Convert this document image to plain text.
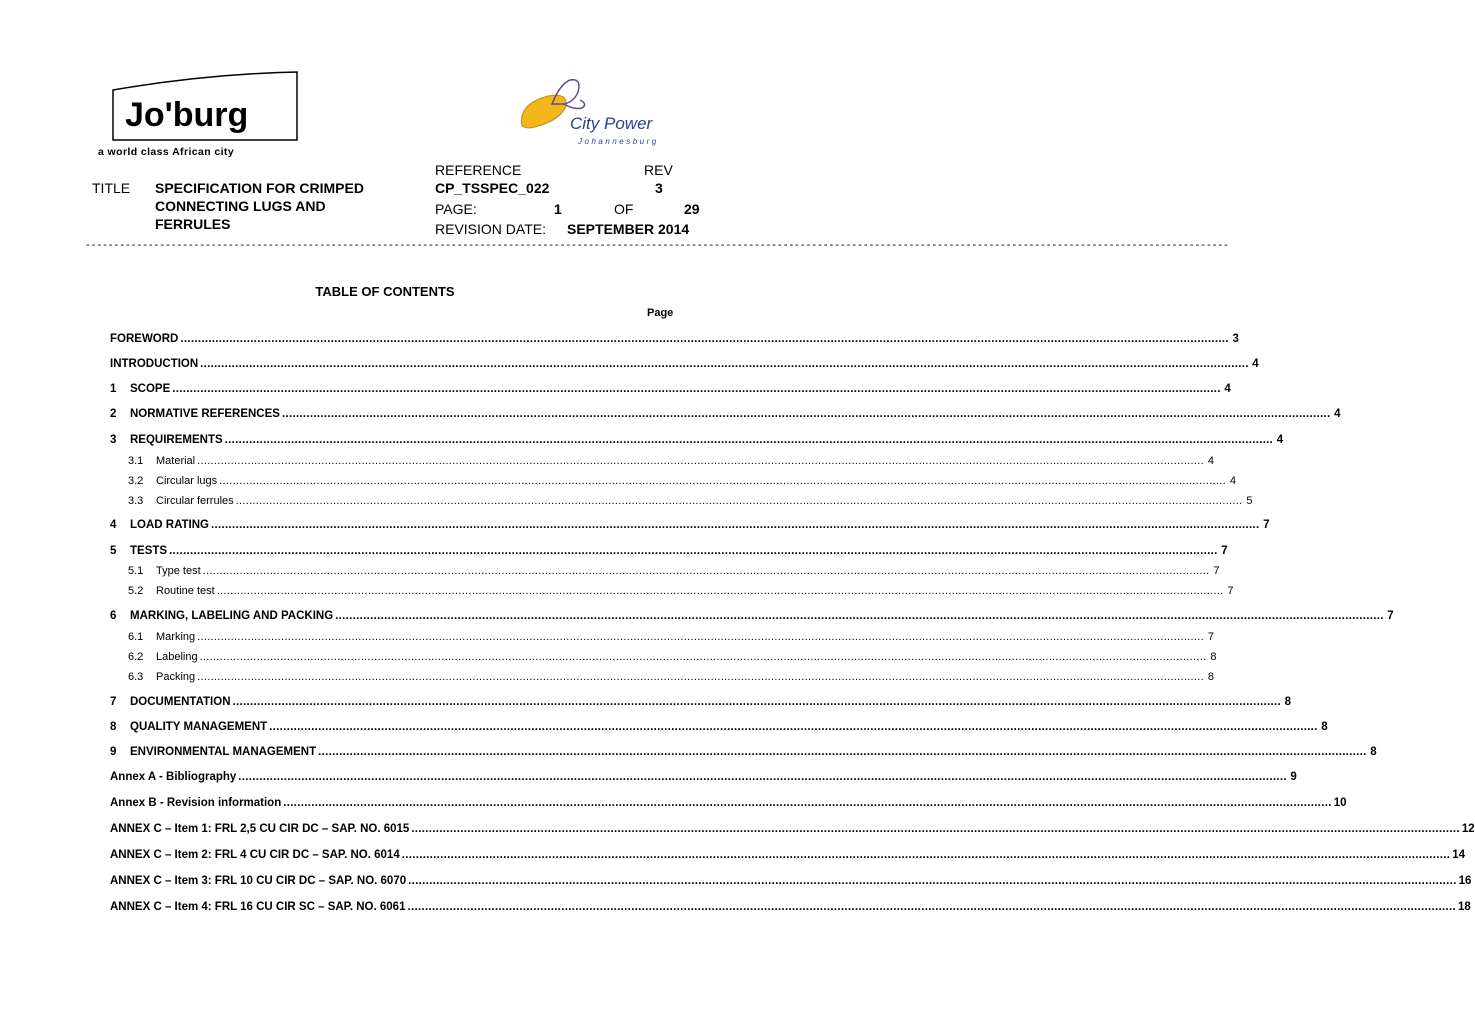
Jo'burg
a world class African city
City Power
Johannesburg
TITLE SPECIFICATION FOR CRIMPED
CONNECTING LUGS AND
FERRULES
REFERENCE	REV
CP_TSSPEC_022	3
PAGE:	1	OF	29
REVISION DATE: SEPTEMBER 2014
- - - - - - - - - - - - - - - - - - - - - - - - - - - - - - - - - - - - - - - - - - - - - - - - - - - - - - - - - - - - - - - - - - - - - - - - - - - - - - - - - - - - - - - - - - - - - - - - - - - - - - - - - - - - - - - - - - - - - - - - - - - - - - - - - - - - - - - - - - - - - - - - - - - - - - - - - - - - - - - - - - - - - - - - - - - - - - - - - - - - - - - - - - - - - - - - - - - - - - - -
TABLE OF CONTENTS
Page
FOREWORD ............................................................................................................................................................................................................................................................................................................ 3
INTRODUCTION ............................................................................................................................................................................................................................................................................................................ 4
1	SCOPE ............................................................................................................................................................................................................................................................................................................ 4
2	NORMATIVE REFERENCES ............................................................................................................................................................................................................................................................................................................ 4
3	REQUIREMENTS ............................................................................................................................................................................................................................................................................................................ 4
3.1	Material ............................................................................................................................................................................................................................................................................................................ 4
3.2	Circular lugs ............................................................................................................................................................................................................................................................................................................ 4
3.3	Circular ferrules ............................................................................................................................................................................................................................................................................................................ 5
4	LOAD RATING ............................................................................................................................................................................................................................................................................................................ 7
5	TESTS ............................................................................................................................................................................................................................................................................................................ 7
5.1	Type test ............................................................................................................................................................................................................................................................................................................ 7
5.2	Routine test ............................................................................................................................................................................................................................................................................................................ 7
6	MARKING, LABELING AND PACKING ............................................................................................................................................................................................................................................................................................................ 7
6.1	Marking ............................................................................................................................................................................................................................................................................................................ 7
6.2	Labeling ............................................................................................................................................................................................................................................................................................................ 8
6.3	Packing ............................................................................................................................................................................................................................................................................................................ 8
7	DOCUMENTATION ............................................................................................................................................................................................................................................................................................................ 8
8	QUALITY MANAGEMENT ............................................................................................................................................................................................................................................................................................................ 8
9	ENVIRONMENTAL MANAGEMENT ............................................................................................................................................................................................................................................................................................................ 8
Annex A - Bibliography ............................................................................................................................................................................................................................................................................................................ 9
Annex B - Revision information ............................................................................................................................................................................................................................................................................................................ 10
ANNEX C – Item 1: FRL 2,5 CU CIR DC – SAP. NO. 6015 ............................................................................................................................................................................................................................................................................................................ 12
ANNEX C – Item 2: FRL 4 CU CIR DC – SAP. NO. 6014 ............................................................................................................................................................................................................................................................................................................ 14
ANNEX C – Item 3: FRL 10 CU CIR DC – SAP. NO. 6070 ............................................................................................................................................................................................................................................................................................................ 16
ANNEX C – Item 4: FRL 16 CU CIR SC – SAP. NO. 6061 ............................................................................................................................................................................................................................................................................................................ 18
